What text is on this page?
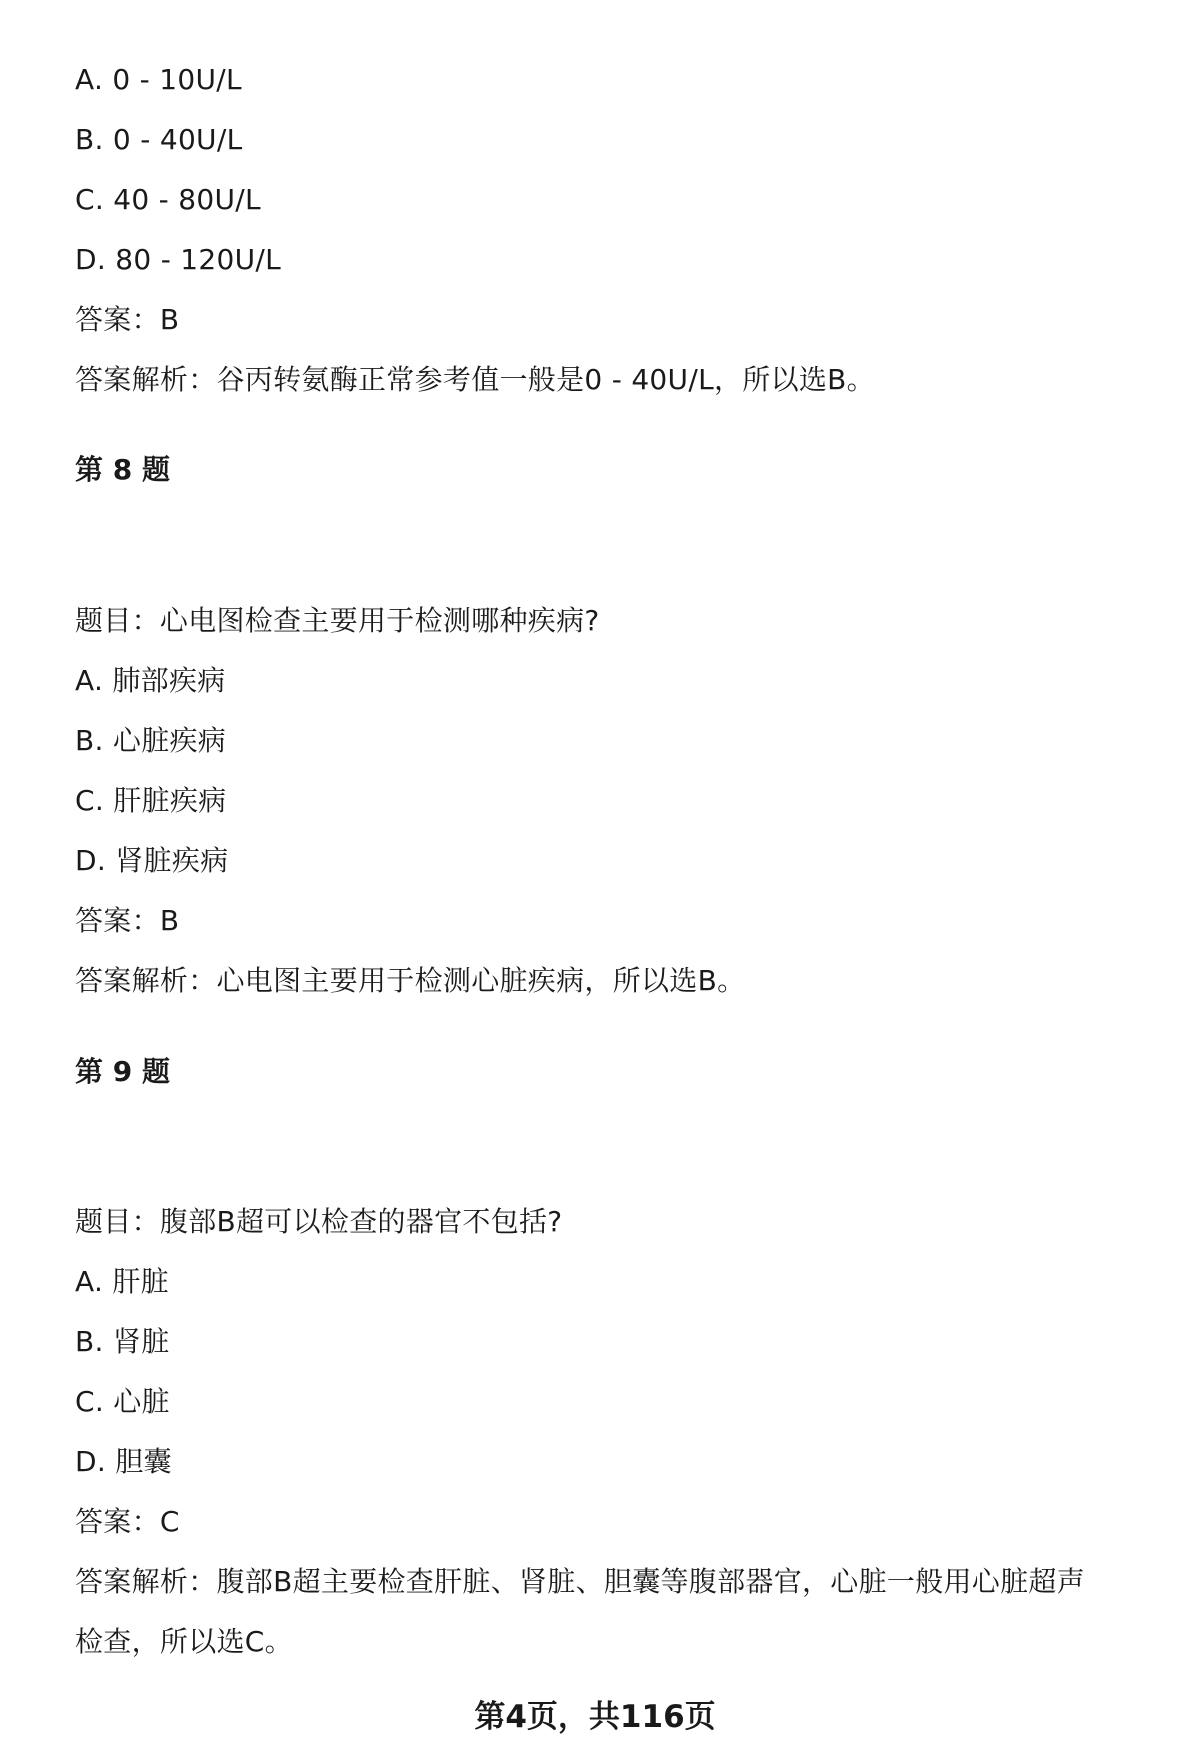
A. 0 - 10U/L
B. 0 - 40U/L
C. 40 - 80U/L
D. 80 - 120U/L
答案：B
答案解析：谷丙转氨酶正常参考值一般是0 - 40U/L，所以选B。
第 8 题
题目：心电图检查主要用于检测哪种疾病?
A. 肺部疾病
B. 心脏疾病
C. 肝脏疾病
D. 肾脏疾病
答案：B
答案解析：心电图主要用于检测心脏疾病，所以选B。
第 9 题
题目：腹部B超可以检查的器官不包括?
A. 肝脏
B. 肾脏
C. 心脏
D. 胆囊
答案：C
答案解析：腹部B超主要检查肝脏、肾脏、胆囊等腹部器官，心脏一般用心脏超声
检查，所以选C。
第4页，共116页
